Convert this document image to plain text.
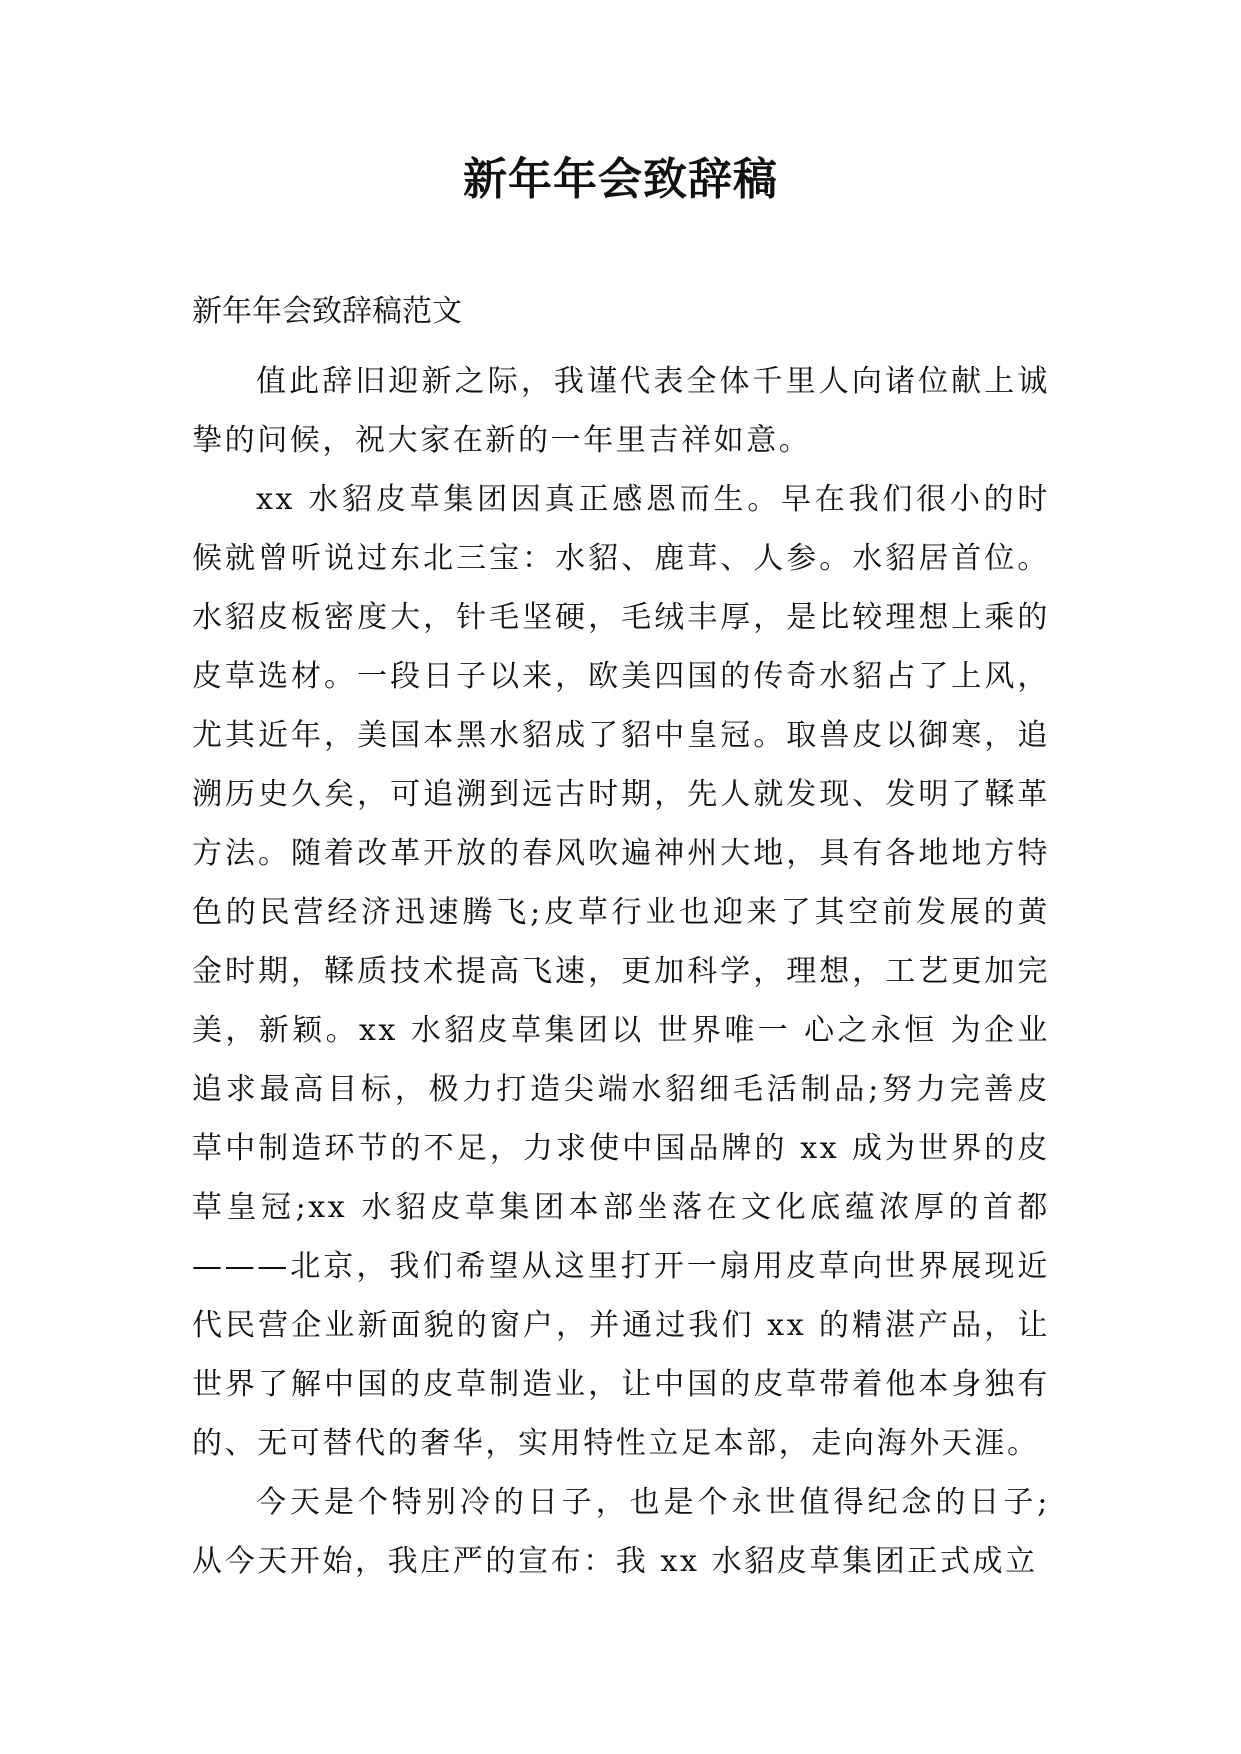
新年年会致辞稿

新年年会致辞稿范文

值此辞旧迎新之际，我谨代表全体千里人向诸位献上诚挚的问候，祝大家在新的一年里吉祥如意。

xx 水貂皮草集团因真正感恩而生。早在我们很小的时候就曾听说过东北三宝：水貂、鹿茸、人参。水貂居首位。水貂皮板密度大，针毛坚硬，毛绒丰厚，是比较理想上乘的皮草选材。一段日子以来，欧美四国的传奇水貂占了上风，尤其近年，美国本黑水貂成了貂中皇冠。取兽皮以御寒，追溯历史久矣，可追溯到远古时期，先人就发现、发明了鞣革方法。随着改革开放的春风吹遍神州大地，具有各地地方特色的民营经济迅速腾飞;皮草行业也迎来了其空前发展的黄金时期，鞣质技术提高飞速，更加科学，理想，工艺更加完美，新颖。xx 水貂皮草集团以 世界唯一 心之永恒 为企业追求最高目标，极力打造尖端水貂细毛活制品;努力完善皮草中制造环节的不足，力求使中国品牌的 xx 成为世界的皮草皇冠;xx 水貂皮草集团本部坐落在文化底蕴浓厚的首都———北京，我们希望从这里打开一扇用皮草向世界展现近代民营企业新面貌的窗户，并通过我们 xx 的精湛产品，让世界了解中国的皮草制造业，让中国的皮草带着他本身独有的、无可替代的奢华，实用特性立足本部，走向海外天涯。

今天是个特别冷的日子，也是个永世值得纪念的日子;从今天开始，我庄严的宣布：我 xx 水貂皮草集团正式成立
